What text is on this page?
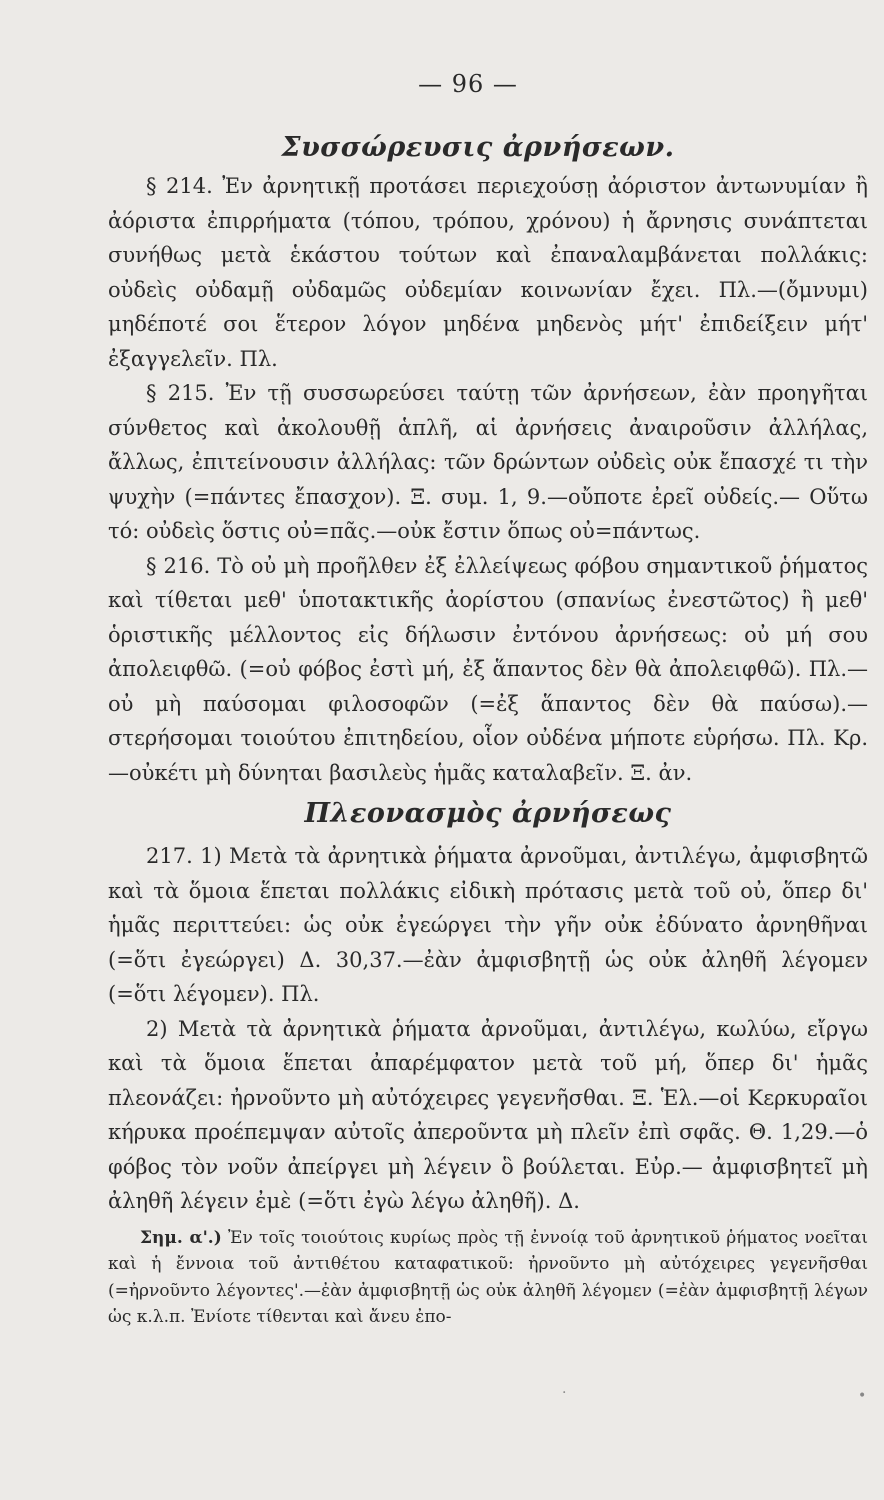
— 96 —
Συσσώρευσις ἀρνήσεων.

§ 214. Ἐν ἀρνητικῇ προτάσει περιεχούσῃ ἀόριστον ἀντωνυμίαν ἢ ἀόριστα ἐπιρρήματα (τόπου, τρόπου, χρόνου) ἡ ἄρνησις συνάπτεται συνήθως μετὰ ἑκάστου τούτων καὶ ἐπαναλαμβάνεται πολλάκις: οὐδεὶς οὐδαμῇ οὐδαμῶς οὐδεμίαν κοινωνίαν ἔχει. Πλ.—(ὄμνυμι) μηδέποτέ σοι ἕτερον λόγον μηδένα μηδενὸς μήτ' ἐπιδείξειν μήτ' ἐξαγγελεῖν. Πλ.

§ 215. Ἐν τῇ συσσωρεύσει ταύτῃ τῶν ἀρνήσεων, ἐὰν προηγῆται σύνθετος καὶ ἀκολουθῇ ἁπλῆ, αἱ ἀρνήσεις ἀναιροῦσιν ἀλλήλας, ἄλλως, ἐπιτείνουσιν ἀλλήλας: τῶν δρώντων οὐδεὶς οὐκ ἔπασχέ τι τὴν ψυχὴν (=πάντες ἔπασχον). Ξ. συμ. 1, 9.—οὔποτε ἐρεῖ οὐδείς.— Οὕτω τό: οὐδεὶς ὅστις οὐ=πᾶς.—οὐκ ἔστιν ὅπως οὐ=πάντως.

§ 216. Τὸ οὐ μὴ προῆλθεν ἐξ ἐλλείψεως φόβου σημαντικοῦ ῥήματος καὶ τίθεται μεθ' ὑποτακτικῆς ἀορίστου (σπανίως ἐνεστῶτος) ἢ μεθ' ὁριστικῆς μέλλοντος εἰς δήλωσιν ἐντόνου ἀρνήσεως: οὐ μή σου ἀπολειφθῶ. (=οὐ φόβος ἐστὶ μή, ἐξ ἅπαντος δὲν θὰ ἀπολειφθῶ). Πλ.—οὐ μὴ παύσομαι φιλοσοφῶν (=ἐξ ἅπαντος δὲν θὰ παύσω).—στερήσομαι τοιούτου ἐπιτηδείου, οἷον οὐδένα μήποτε εὑρήσω. Πλ. Κρ.—οὐκέτι μὴ δύνηται βασιλεὺς ἡμᾶς καταλαβεῖν. Ξ. ἀν.

Πλεονασμὸς ἀρνήσεως

217. 1) Μετὰ τὰ ἀρνητικὰ ῥήματα ἀρνοῦμαι, ἀντιλέγω, ἀμφισβητῶ καὶ τὰ ὅμοια ἕπεται πολλάκις εἰδικὴ πρότασις μετὰ τοῦ οὐ, ὅπερ δι' ἡμᾶς περιττεύει: ὡς οὐκ ἐγεώργει τὴν γῆν οὐκ ἐδύνατο ἀρνηθῆναι (=ὅτι ἐγεώργει) Δ. 30,37.—ἐὰν ἀμφισβητῇ ὡς οὐκ ἀληθῆ λέγομεν (=ὅτι λέγομεν). Πλ.

2) Μετὰ τὰ ἀρνητικὰ ῥήματα ἀρνοῦμαι, ἀντιλέγω, κωλύω, εἴργω καὶ τὰ ὅμοια ἕπεται ἀπαρέμφατον μετὰ τοῦ μή, ὅπερ δι' ἡμᾶς πλεονάζει: ἠρνοῦντο μὴ αὐτόχειρες γεγενῆσθαι. Ξ. Ἑλ.—οἱ Κερκυραῖοι κήρυκα προέπεμψαν αὐτοῖς ἀπεροῦντα μὴ πλεῖν ἐπὶ σφᾶς. Θ. 1,29.—ὁ φόβος τὸν νοῦν ἀπείργει μὴ λέγειν ὃ βούλεται. Εὐρ.— ἀμφισβητεῖ μὴ ἀληθῆ λέγειν ἐμὲ (=ὅτι ἐγὼ λέγω ἀληθῆ). Δ.

Σημ. α'.) Ἐν τοῖς τοιούτοις κυρίως πρὸς τῇ ἐννοίᾳ τοῦ ἀρνητικοῦ ῥήματος νοεῖται καὶ ἡ ἔννοια τοῦ ἀντιθέτου καταφατικοῦ: ἠρνοῦντο μὴ αὐτόχειρες γεγενῆσθαι (=ἠρνοῦντο λέγοντες'.—ἐὰν ἀμφισβητῇ ὡς οὐκ ἀληθῆ λέγομεν (=ἐὰν ἀμφισβητῇ λέγων ὡς κ.λ.π. Ἐνίοτε τίθενται καὶ ἄνευ ἐπο-

·	•
